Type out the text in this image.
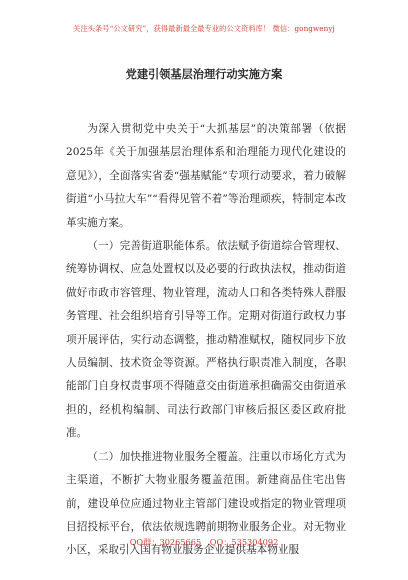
关注头条号“公文研究”，获得最新最全最专业的公文资料库！ 微信：gongwenyj
党建引领基层治理行动实施方案

为深入贯彻党中央关于“大抓基层”的决策部署（依据2025年《关于加强基层治理体系和治理能力现代化建设的意见》），全面落实省委“强基赋能”专项行动要求，着力破解街道“小马拉大车”“看得见管不着”等治理顽疾，特制定本改革实施方案。

（一）完善街道职能体系。依法赋予街道综合管理权、统筹协调权、应急处置权以及必要的行政执法权，推动街道做好市政市容管理、物业管理，流动人口和各类特殊人群服务管理、社会组织培育引导等工作。定期对街道行政权力事项开展评估，实行动态调整，推动精准赋权，随权同步下放人员编制、技术资金等资源。严格执行职责准入制度，各职能部门自身权责事项不得随意交由街道承担确需交由街道承担的，经机构编制、司法行政部门审核后报区委区政府批准。

（二）加快推进物业服务全覆盖。注重以市场化方式为主渠道，不断扩大物业服务覆盖范围。新建商品住宅出售前，建设单位应通过物业主管部门建设或指定的物业管理项目招投标平台，依法依规选聘前期物业服务企业。对无物业小区，采取引入国有物业服务企业提供基本物业服

QQ群：30265665 QQ：535304092
